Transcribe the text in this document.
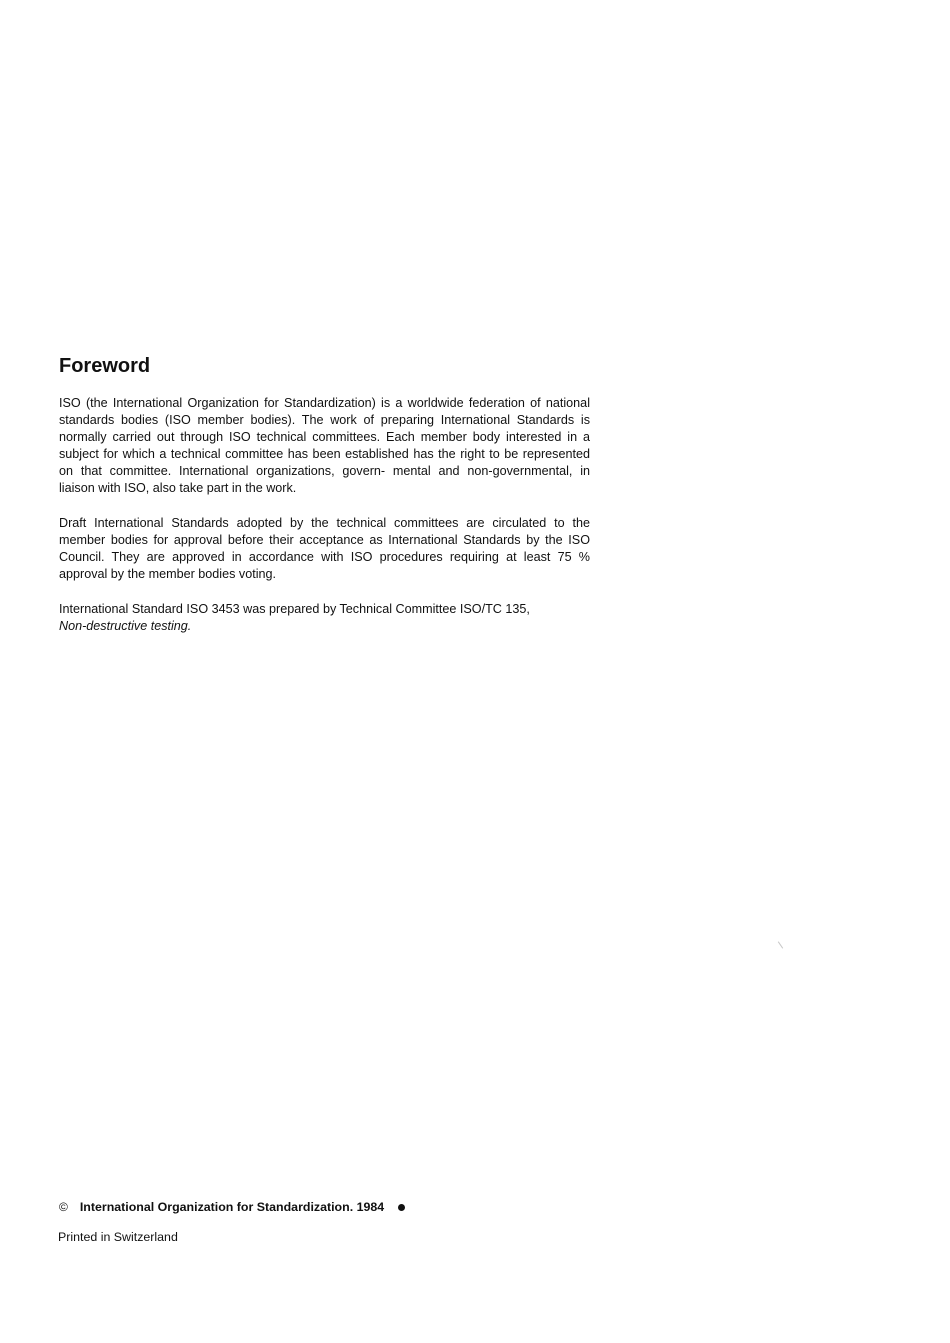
Foreword

ISO (the International Organization for Standardization) is a worldwide federation of national standards bodies (ISO member bodies). The work of preparing International Standards is normally carried out through ISO technical committees. Each member body interested in a subject for which a technical committee has been established has the right to be represented on that committee. International organizations, govern- mental and non-governmental, in liaison with ISO, also take part in the work.

Draft International Standards adopted by the technical committees are circulated to the member bodies for approval before their acceptance as International Standards by the ISO Council. They are approved in accordance with ISO procedures requiring at least 75 % approval by the member bodies voting.

International Standard ISO 3453 was prepared by Technical Committee ISO/TC 135,
Non-destructive testing.

© International Organization for Standardization. 1984
Printed in Switzerland
